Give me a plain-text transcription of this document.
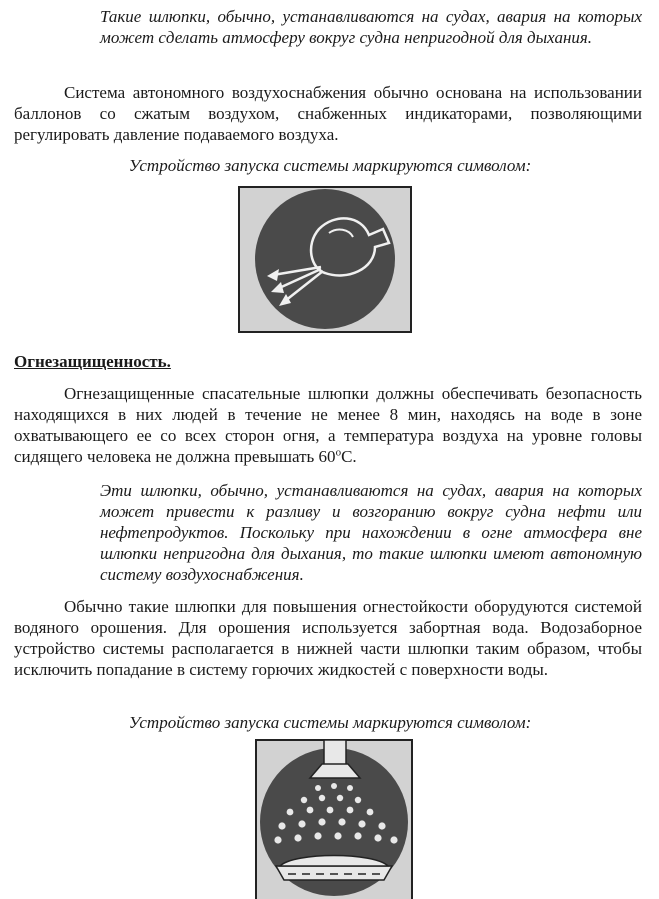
Такие шлюпки, обычно, устанавливаются на судах, авария на которых может сделать атмосферу вокруг судна непригодной для дыхания.

Система автономного воздухоснабжения обычно основана на использовании баллонов со сжатым воздухом, снабженных индикаторами, позволяющими регулировать давление подаваемого воздуха.

Устройство запуска системы маркируются символом:

Огнезащищенность.

Огнезащищенные спасательные шлюпки должны обеспечивать безопасность находящихся в них людей в течение не менее 8 мин, находясь на воде в зоне охватывающего ее со всех сторон огня, а температура воздуха на уровне головы сидящего человека не должна превышать $60^оС$.

Эти шлюпки, обычно, устанавливаются на судах, авария на которых может привести к разливу и возгоранию вокруг судна нефти или нефтепродуктов. Поскольку при нахождении в огне атмосфера вне шлюпки непригодна для дыхания, то такие шлюпки имеют автономную систему воздухоснабжения.

Обычно такие шлюпки для повышения огнестойкости оборудуются системой водяного орошения. Для орошения используется забортная вода. Водозаборное устройство системы располагается в нижней части шлюпки таким образом, чтобы исключить попадание в систему горючих жидкостей с поверхности воды.

Устройство запуска системы маркируются символом:
